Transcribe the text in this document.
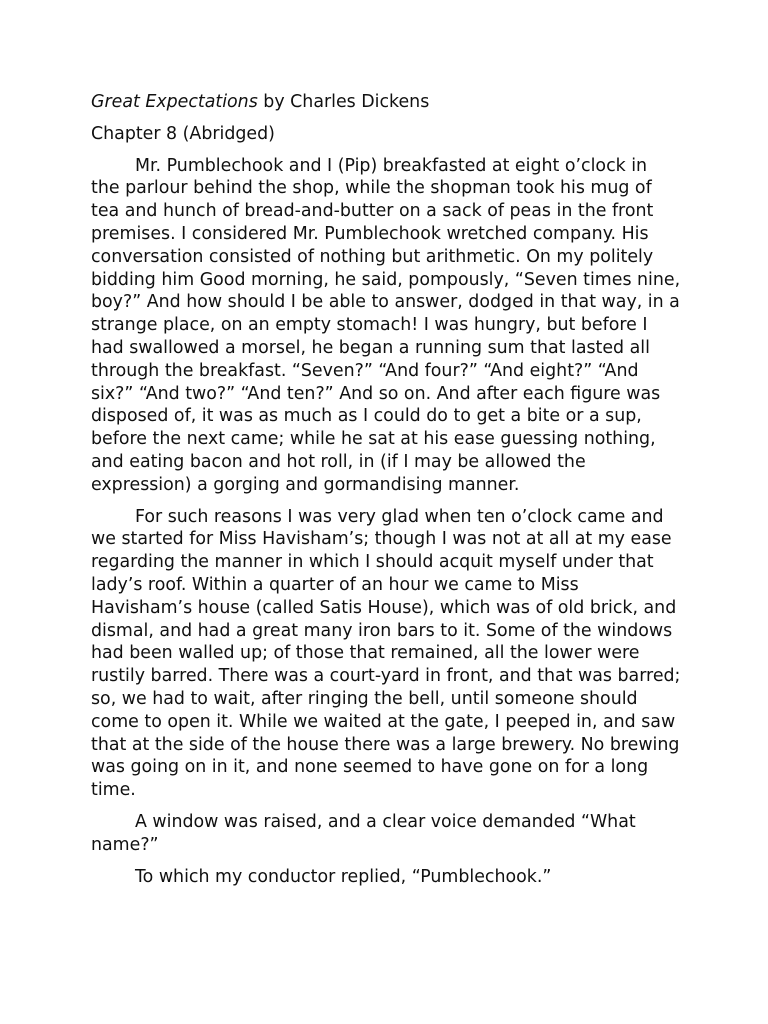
Great Expectations by Charles Dickens

Chapter 8 (Abridged)

Mr. Pumblechook and I (Pip) breakfasted at eight o’clock in the parlour behind the shop, while the shopman took his mug of tea and hunch of bread-and-butter on a sack of peas in the front premises. I considered Mr. Pumblechook wretched company. His conversation consisted of nothing but arithmetic. On my politely bidding him Good morning, he said, pompously, “Seven times nine, boy?” And how should I be able to answer, dodged in that way, in a strange place, on an empty stomach! I was hungry, but before I had swallowed a morsel, he began a running sum that lasted all through the breakfast. “Seven?” “And four?” “And eight?” “And six?” “And two?” “And ten?” And so on. And after each figure was disposed of, it was as much as I could do to get a bite or a sup, before the next came; while he sat at his ease guessing nothing, and eating bacon and hot roll, in (if I may be allowed the expression) a gorging and gormandising manner.

For such reasons I was very glad when ten o’clock came and we started for Miss Havisham’s; though I was not at all at my ease regarding the manner in which I should acquit myself under that lady’s roof. Within a quarter of an hour we came to Miss Havisham’s house (called Satis House), which was of old brick, and dismal, and had a great many iron bars to it. Some of the windows had been walled up; of those that remained, all the lower were rustily barred. There was a court-yard in front, and that was barred; so, we had to wait, after ringing the bell, until someone should come to open it. While we waited at the gate, I peeped in, and saw that at the side of the house there was a large brewery. No brewing was going on in it, and none seemed to have gone on for a long time.

A window was raised, and a clear voice demanded “What name?”

To which my conductor replied, “Pumblechook.”
